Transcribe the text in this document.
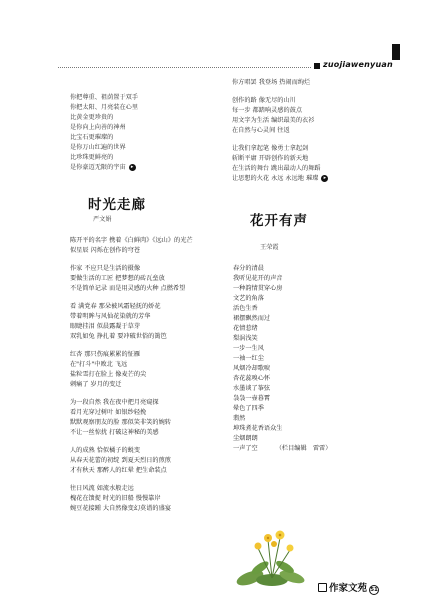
zuojiawenyuan
你把尊重、祖荫置于双手
你把太阳、月亮装在心里
比黄金更珍贵的
是你向上向善的神州
比宝石更璀璨的
是你万山红遍的世界
比珍珠更鲜亮的
是你豪迈无限的宇宙 ▸
时光走廊
严文娟
陈开平的名字 携着《白鲜肉》《远山》的光芒
似星辰 闪烁在创作的穹苍
作家 不应只是生活的摄像
要做生活的工匠 把梦想的砖瓦垒放
不是简单记录 而是用灵感的火种 点燃希望
看 满党春 那朵被风霜轻抚的娇花
带着明眸与风仙花染就的芳华
眼睫挂泪 似晨露凝于草芽
双乳如兔 挣扎着 要冲破世俗的篱笆
红杏 那只伤痕累累的怔雁
在"打斗"中败北 飞远
盐粒雪打在脸上 像麦芒的尖
刺痛了 岁月的变迁
为一段自然 我在夜中把月亮窥探
看月光穿过树叶 如银纱轻挽
默默观察朋友的脸 那似笑非笑的婉转
不让一丝惊扰 打破这神秘的美感
人的成熟 恰似橘子的蜕变
从春天花蕾的初绽 到夏天烈日的煎煎
才有秋天 那醉人的红晕 把生命装点
往日风流 如流水般走远
槐花在馈捉 时光的旧船 慢慢靠岸
婉豆花接踵 大自然像变幻莫谱的盛宴
你方唱罢 我登场 热闹而绚烂
创作的路 像无尽的山川
每一步 都踏响灵感的鼓点
用文字为生活 编织最美的衣衫
在自然与心灵间 往返
让我们拿起笔 像勇士拿起剑
斩断平庸 开辟创作的新天地
在生活的舞台 跳出最动人的舞蹈
让思想的火花 永远 永远地 璀璨 ▸
花开有声
王荣霞
春分的清晨
我听见花开的声音
一种韵情贯穿心房
文艺的角落
活色生香
裙摆飘然而过
花情惹绪
梨涡浅笑
一步一生风
一袖一红尘
风烟冷却歌唳
杏花蕊嗅心怀
水墨谈了筝弦
袅袅一壶暮霄
晕色了四季
翡然
坤珠煮花香语众生
尘烟朗朗
一声了空	（栏目编辑　雷雷）
作家文苑 51
